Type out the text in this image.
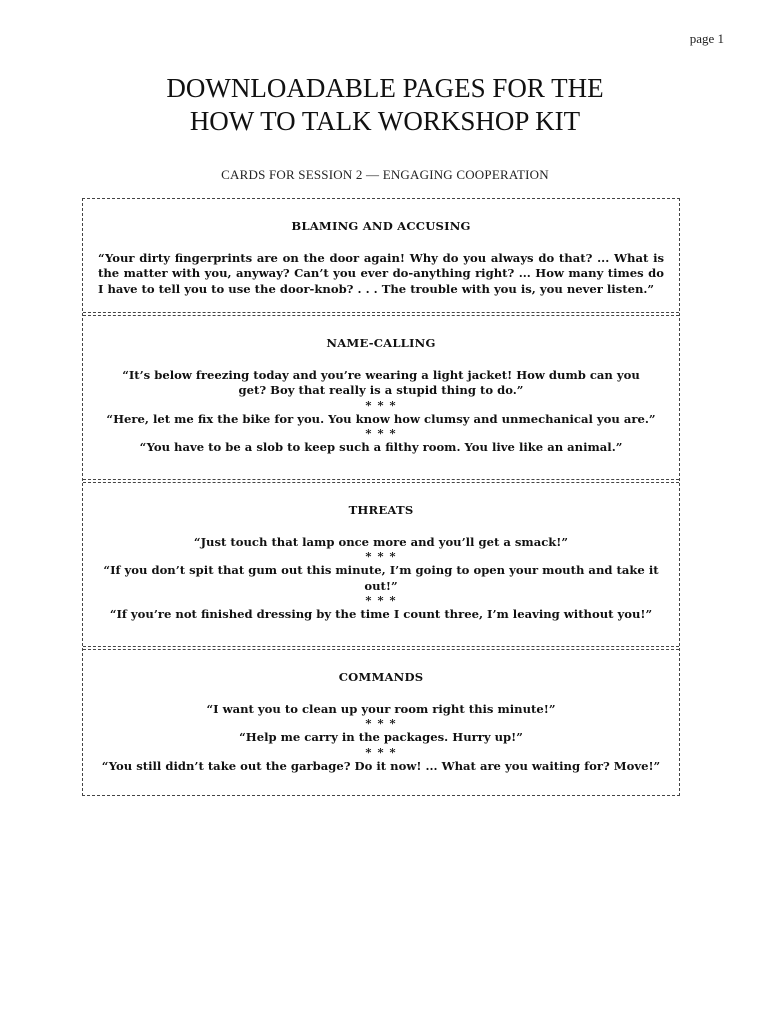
page 1
DOWNLOADABLE PAGES FOR THE
HOW TO TALK WORKSHOP KIT
CARDS FOR SESSION 2 — ENGAGING COOPERATION
BLAMING AND ACCUSING

“Your dirty fingerprints are on the door again! Why do you always do that? ... What is the matter with you, anyway? Can’t you ever do-anything right? ... How many times do I have to tell you to use the door-knob? . . . The trouble with you is, you never listen.”

NAME-CALLING

“It’s below freezing today and you’re wearing a light jacket! How dumb can you get? Boy that really is a stupid thing to do.”

* * *

“Here, let me fix the bike for you. You know how clumsy and unmechanical you are.”

* * *

“You have to be a slob to keep such a filthy room. You live like an animal.”

THREATS

“Just touch that lamp once more and you’ll get a smack!”

* * *

“If you don’t spit that gum out this minute, I’m going to open your mouth and take it out!”

* * *

“If you’re not finished dressing by the time I count three, I’m leaving without you!”

COMMANDS

“I want you to clean up your room right this minute!”

* * *

“Help me carry in the packages. Hurry up!”

* * *

“You still didn’t take out the garbage? Do it now! ... What are you waiting for? Move!”
